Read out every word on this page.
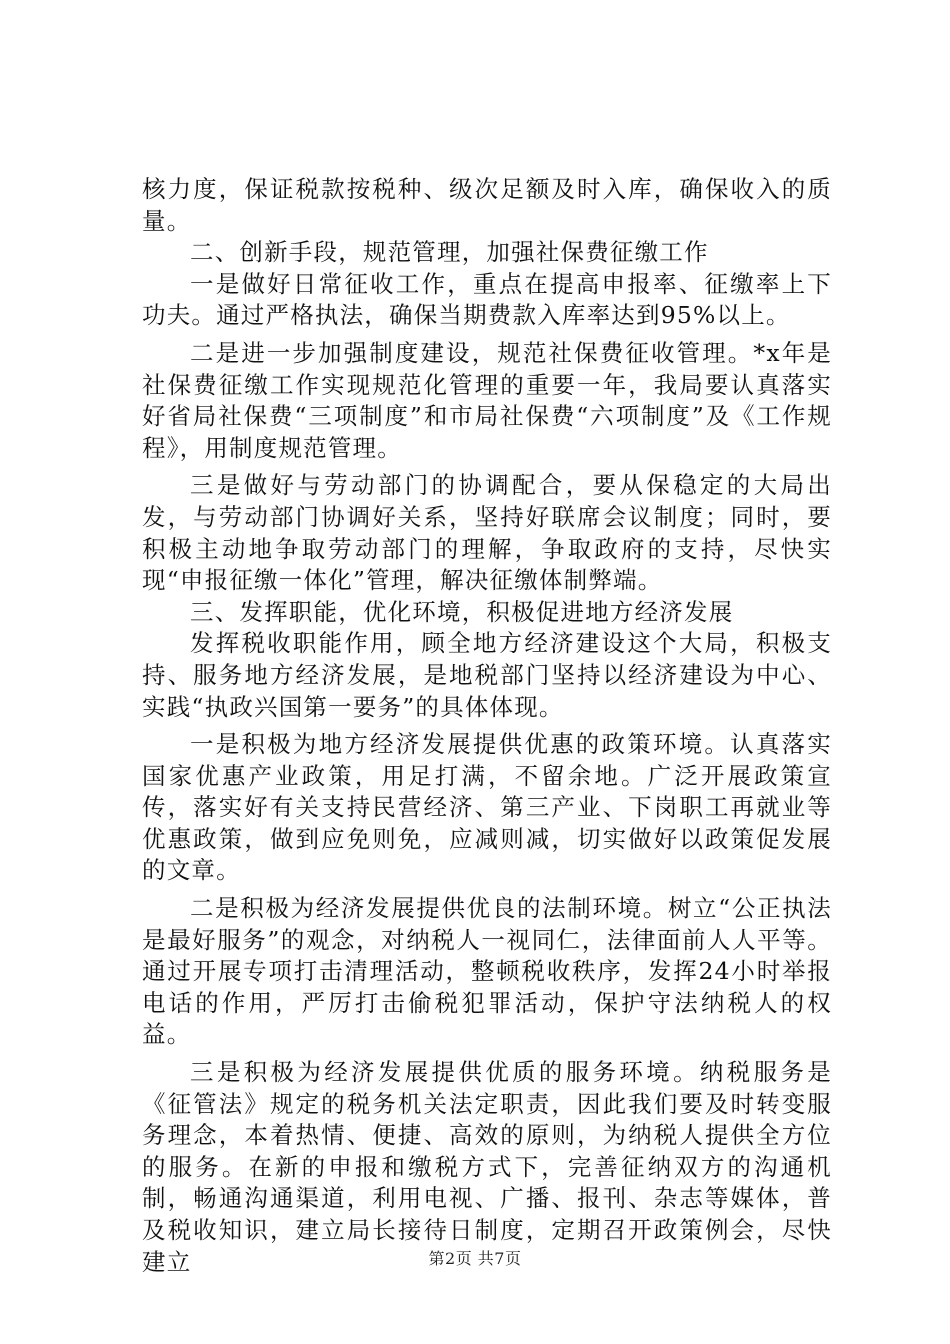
核力度，保证税款按税种、级次足额及时入库，确保收入的质量。

二、创新手段，规范管理，加强社保费征缴工作

一是做好日常征收工作，重点在提高申报率、征缴率上下功夫。通过严格执法，确保当期费款入库率达到95%以上。

二是进一步加强制度建设，规范社保费征收管理。*x年是社保费征缴工作实现规范化管理的重要一年，我局要认真落实好省局社保费“三项制度”和市局社保费“六项制度”及《工作规程》，用制度规范管理。

三是做好与劳动部门的协调配合，要从保稳定的大局出发，与劳动部门协调好关系，坚持好联席会议制度；同时，要积极主动地争取劳动部门的理解，争取政府的支持，尽快实现“申报征缴一体化”管理，解决征缴体制弊端。

三、发挥职能，优化环境，积极促进地方经济发展

发挥税收职能作用，顾全地方经济建设这个大局，积极支持、服务地方经济发展，是地税部门坚持以经济建设为中心、实践“执政兴国第一要务”的具体体现。

一是积极为地方经济发展提供优惠的政策环境。认真落实国家优惠产业政策，用足打满，不留余地。广泛开展政策宣传，落实好有关支持民营经济、第三产业、下岗职工再就业等优惠政策，做到应免则免，应减则减，切实做好以政策促发展的文章。

二是积极为经济发展提供优良的法制环境。树立“公正执法是最好服务”的观念，对纳税人一视同仁，法律面前人人平等。通过开展专项打击清理活动，整顿税收秩序，发挥24小时举报电话的作用，严厉打击偷税犯罪活动，保护守法纳税人的权益。

三是积极为经济发展提供优质的服务环境。纳税服务是《征管法》规定的税务机关法定职责，因此我们要及时转变服务理念，本着热情、便捷、高效的原则，为纳税人提供全方位的服务。在新的申报和缴税方式下，完善征纳双方的沟通机制，畅通沟通渠道，利用电视、广播、报刊、杂志等媒体，普及税收知识，建立局长接待日制度，定期召开政策例会，尽快建立	第2页 共7页
